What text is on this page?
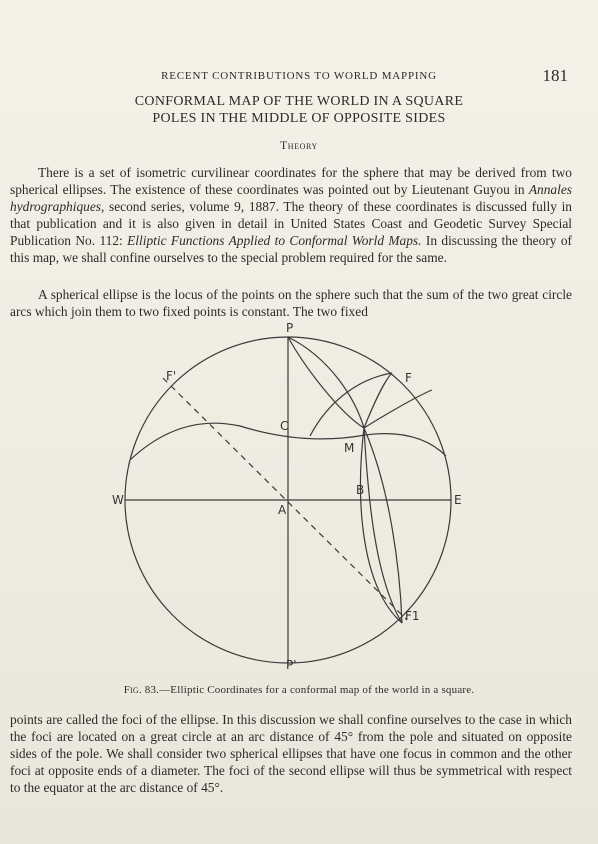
RECENT CONTRIBUTIONS TO WORLD MAPPING	181
CONFORMAL MAP OF THE WORLD IN A SQUARE
POLES IN THE MIDDLE OF OPPOSITE SIDES
Theory

There is a set of isometric curvilinear coordinates for the sphere that may be derived from two spherical ellipses. The existence of these coordinates was pointed out by Lieutenant Guyou in Annales hydrographiques, second series, volume 9, 1887. The theory of these coordinates is discussed fully in that publication and it is also given in detail in United States Coast and Geodetic Survey Special Publication No. 112: Elliptic Functions Applied to Conformal World Maps. In discussing the theory of this map, we shall confine ourselves to the special problem required for the same.

A spherical ellipse is the locus of the points on the sphere such that the sum of the two great circle arcs which join them to two fixed points is constant. The two fixed

P
P'
W	E
F'	F
F1
C
M
B
A
Fig. 83.—Elliptic Coordinates for a conformal map of the world in a square.

points are called the foci of the ellipse. In this discussion we shall confine ourselves to the case in which the foci are located on a great circle at an arc distance of 45° from the pole and situated on opposite sides of the pole. We shall consider two spherical ellipses that have one focus in common and the other foci at opposite ends of a diameter. The foci of the second ellipse will thus be symmetrical with respect to the equator at the arc distance of 45°.
